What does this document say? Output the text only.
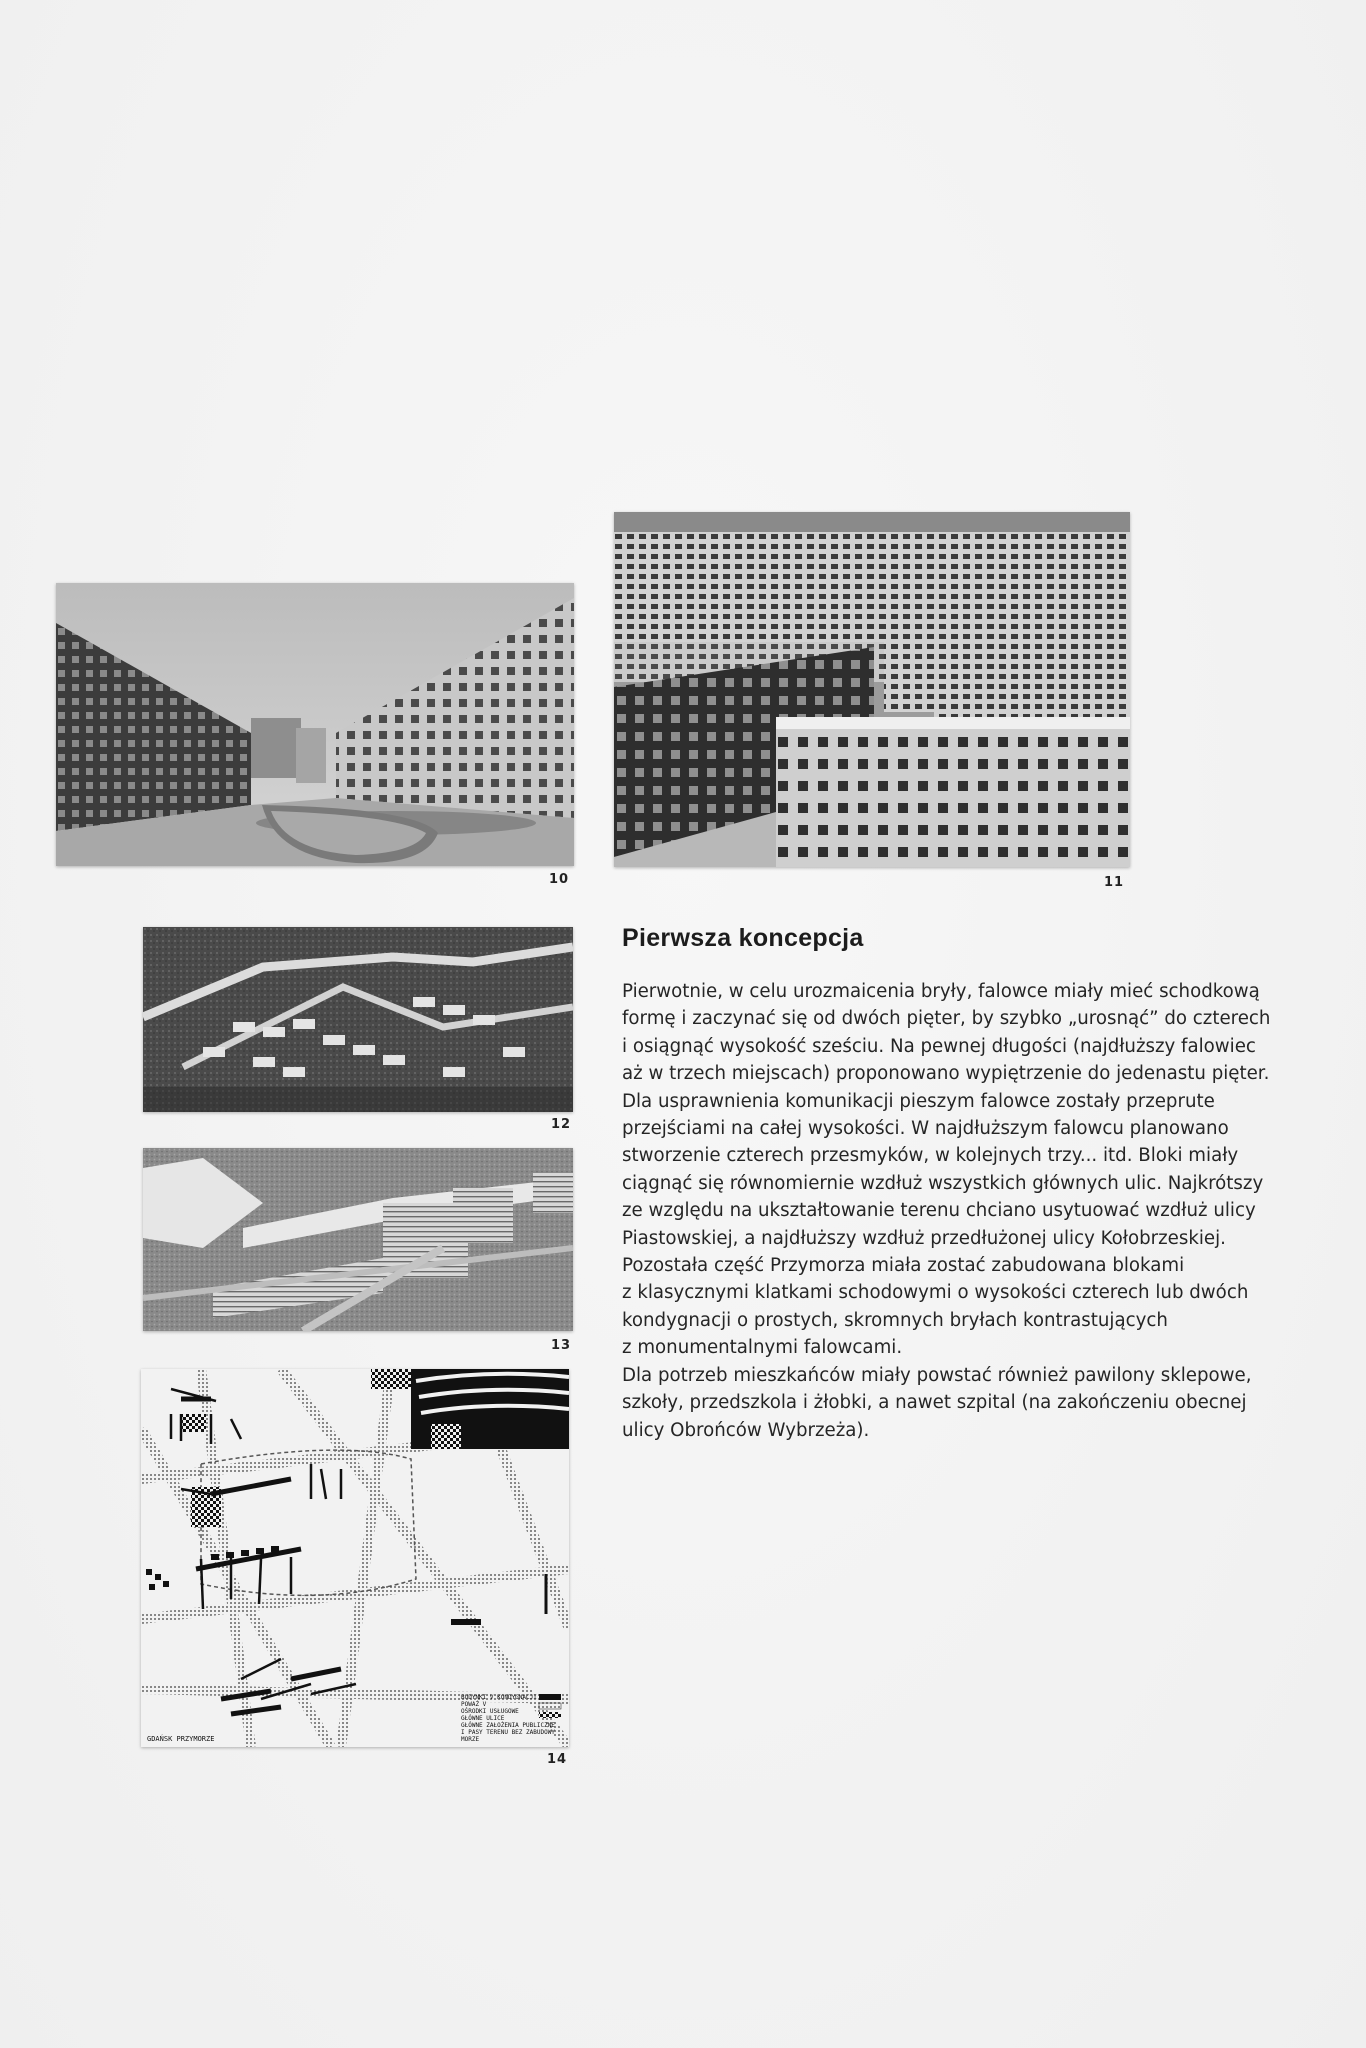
10	11
12
13
GDAŃSK PRZYMORZE
BUDYNKI V KONDYGNACJI
POWAŻ V
OŚRODKI USŁUGOWE
GŁÓWNE ULICE
GŁÓWNE ZAŁOŻENIA PUBLICZNE
I PASY TERENU BEZ ZABUDOWY
MORZE
14
Pierwsza koncepcja
Pierwotnie, w celu urozmaicenia bryły, falowce miały mieć schodkową
formę i zaczynać się od dwóch pięter, by szybko „urosnąć” do czterech
i osiągnąć wysokość sześciu. Na pewnej długości (najdłuższy falowiec
aż w trzech miejscach) proponowano wypiętrzenie do jedenastu pięter.
Dla usprawnienia komunikacji pieszym falowce zostały przeprute
przejściami na całej wysokości. W najdłuższym falowcu planowano
stworzenie czterech przesmyków, w kolejnych trzy... itd. Bloki miały
ciągnąć się równomiernie wzdłuż wszystkich głównych ulic. Najkrótszy
ze względu na ukształtowanie terenu chciano usytuować wzdłuż ulicy
Piastowskiej, a najdłuższy wzdłuż przedłużonej ulicy Kołobrzeskiej.
Pozostała część Przymorza miała zostać zabudowana blokami
z klasycznymi klatkami schodowymi o wysokości czterech lub dwóch
kondygnacji o prostych, skromnych bryłach kontrastujących
z monumentalnymi falowcami.
Dla potrzeb mieszkańców miały powstać również pawilony sklepowe,
szkoły, przedszkola i żłobki, a nawet szpital (na zakończeniu obecnej
ulicy Obrońców Wybrzeża).
